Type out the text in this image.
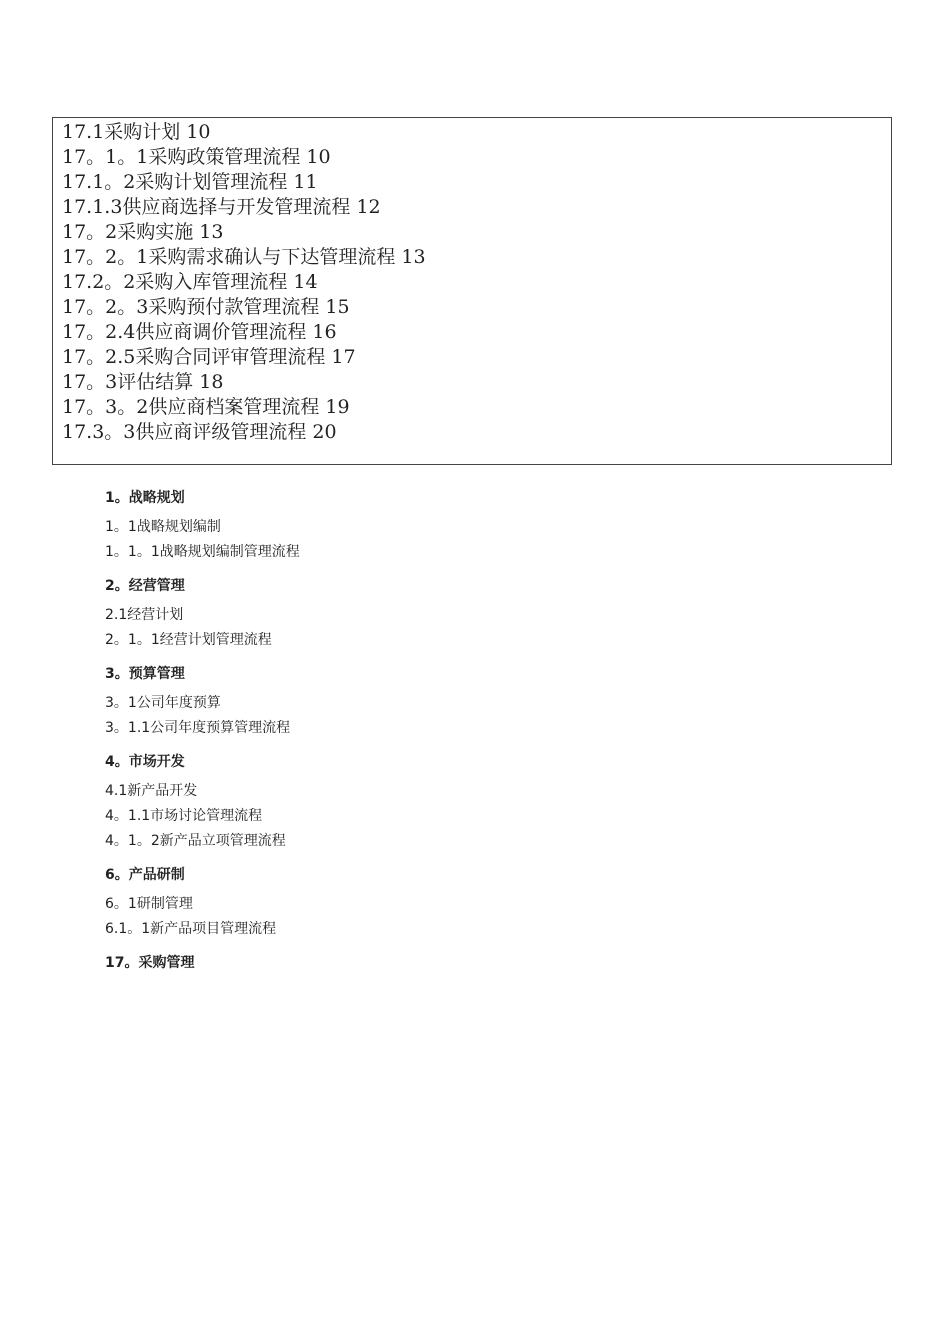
17.1采购计划 10
17。1。1采购政策管理流程 10
17.1。2采购计划管理流程 11
17.1.3供应商选择与开发管理流程 12
17。2采购实施 13
17。2。1采购需求确认与下达管理流程 13
17.2。2采购入库管理流程 14
17。2。3采购预付款管理流程 15
17。2.4供应商调价管理流程 16
17。2.5采购合同评审管理流程 17
17。3评估结算 18
17。3。2供应商档案管理流程 19
17.3。3供应商评级管理流程 20
1。战略规划
1。1战略规划编制
1。1。1战略规划编制管理流程
2。经营管理
2.1经营计划
2。1。1经营计划管理流程
3。预算管理
3。1公司年度预算
3。1.1公司年度预算管理流程
4。市场开发
4.1新产品开发
4。1.1市场讨论管理流程
4。1。2新产品立项管理流程
6。产品研制
6。1研制管理
6.1。1新产品项目管理流程
17。采购管理
